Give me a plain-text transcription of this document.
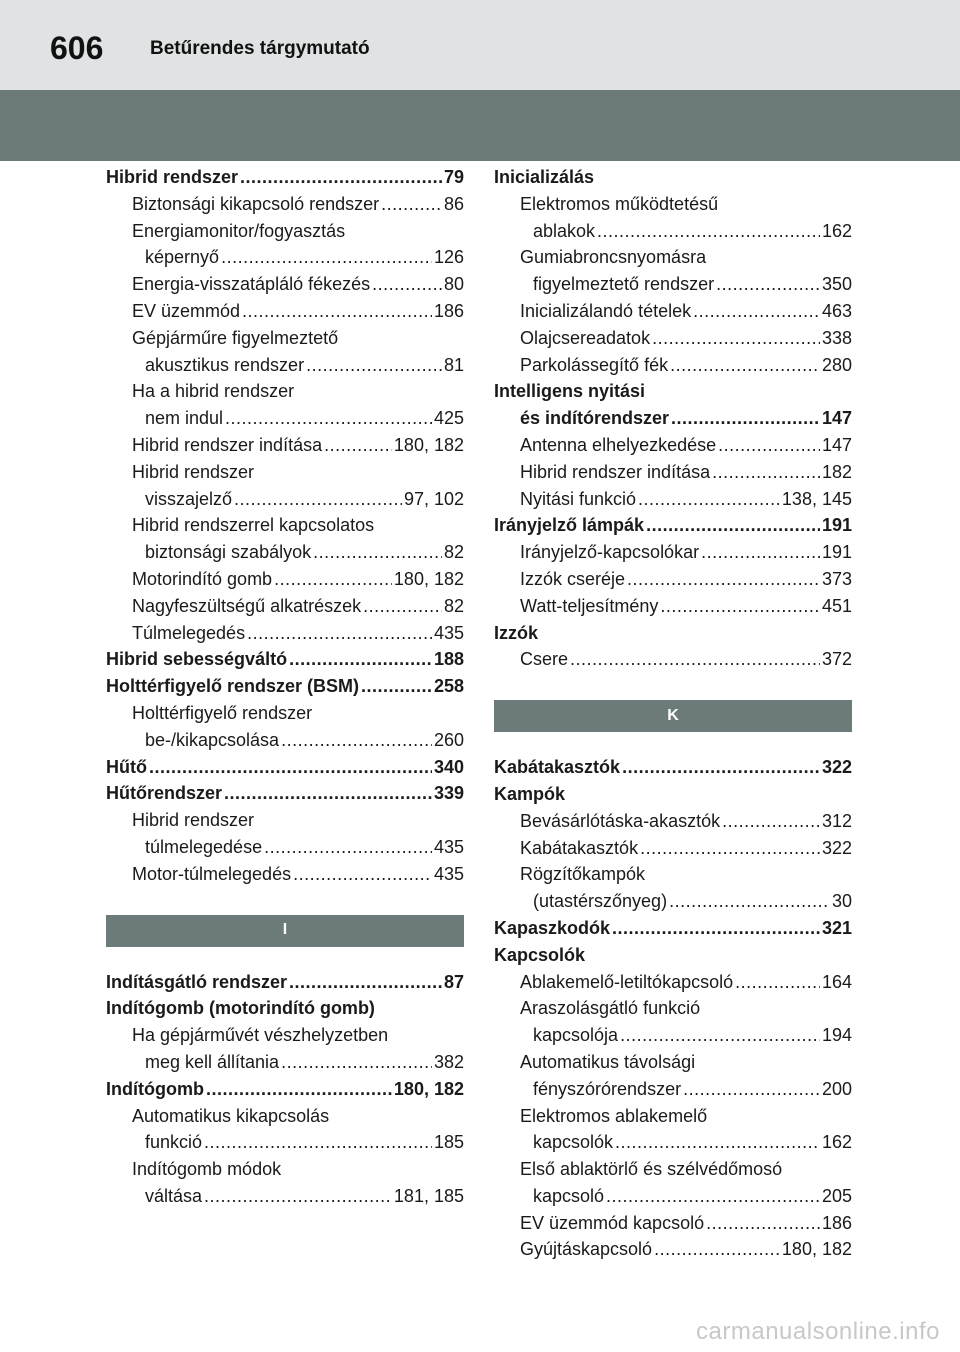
606 Betűrendes tárgymutató
Hibrid rendszer .....	79
Biztonsági kikapcsoló rendszer .....	86
Energiamonitor/fogyasztás
képernyő .....	126
Energia-visszatápláló fékezés .....	80
EV üzemmód .....	186
Gépjárműre figyelmeztető
akusztikus rendszer .....	81
Ha a hibrid rendszer
nem indul .....	425
Hibrid rendszer indítása .....	180, 182
Hibrid rendszer
visszajelző .....	97, 102
Hibrid rendszerrel kapcsolatos
biztonsági szabályok .....	82
Motorindító gomb .....	180, 182
Nagyfeszültségű alkatrészek .....	82
Túlmelegedés .....	435
Hibrid sebességváltó .....	188
Holttérfigyelő rendszer (BSM) .....	258
Holttérfigyelő rendszer
be-/kikapcsolása .....	260
Hűtő .....	340
Hűtőrendszer .....	339
Hibrid rendszer
túlmelegedése .....	435
Motor-túlmelegedés .....	435
I
Indításgátló rendszer .....	87
Indítógomb (motorindító gomb)
Ha gépjárművét vészhelyzetben
meg kell állítania .....	382
Indítógomb .....	180, 182
Automatikus kikapcsolás
funkció .....	185
Indítógomb módok
váltása .....	181, 185
Inicializálás
Elektromos működtetésű
ablakok .....	162
Gumiabroncsnyomásra
figyelmeztető rendszer .....	350
Inicializálandó tételek .....	463
Olajcsereadatok .....	338
Parkolássegítő fék .....	280
Intelligens nyitási
és indítórendszer .....	147
Antenna elhelyezkedése .....	147
Hibrid rendszer indítása .....	182
Nyitási funkció .....	138, 145
Irányjelző lámpák .....	191
Irányjelző-kapcsolókar .....	191
Izzók cseréje .....	373
Watt-teljesítmény .....	451
Izzók
Csere .....	372
K
Kabátakasztók .....	322
Kampók
Bevásárlótáska-akasztók .....	312
Kabátakasztók .....	322
Rögzítőkampók
(utastérszőnyeg) .....	30
Kapaszkodók .....	321
Kapcsolók
Ablakemelő-letiltókapcsoló .....	164
Araszolásgátló funkció
kapcsolója .....	194
Automatikus távolsági
fényszórórendszer .....	200
Elektromos ablakemelő
kapcsolók .....	162
Első ablaktörlő és szélvédőmosó
kapcsoló .....	205
EV üzemmód kapcsoló .....	186
Gyújtáskapcsoló .....	180, 182
carmanualsonline.info
